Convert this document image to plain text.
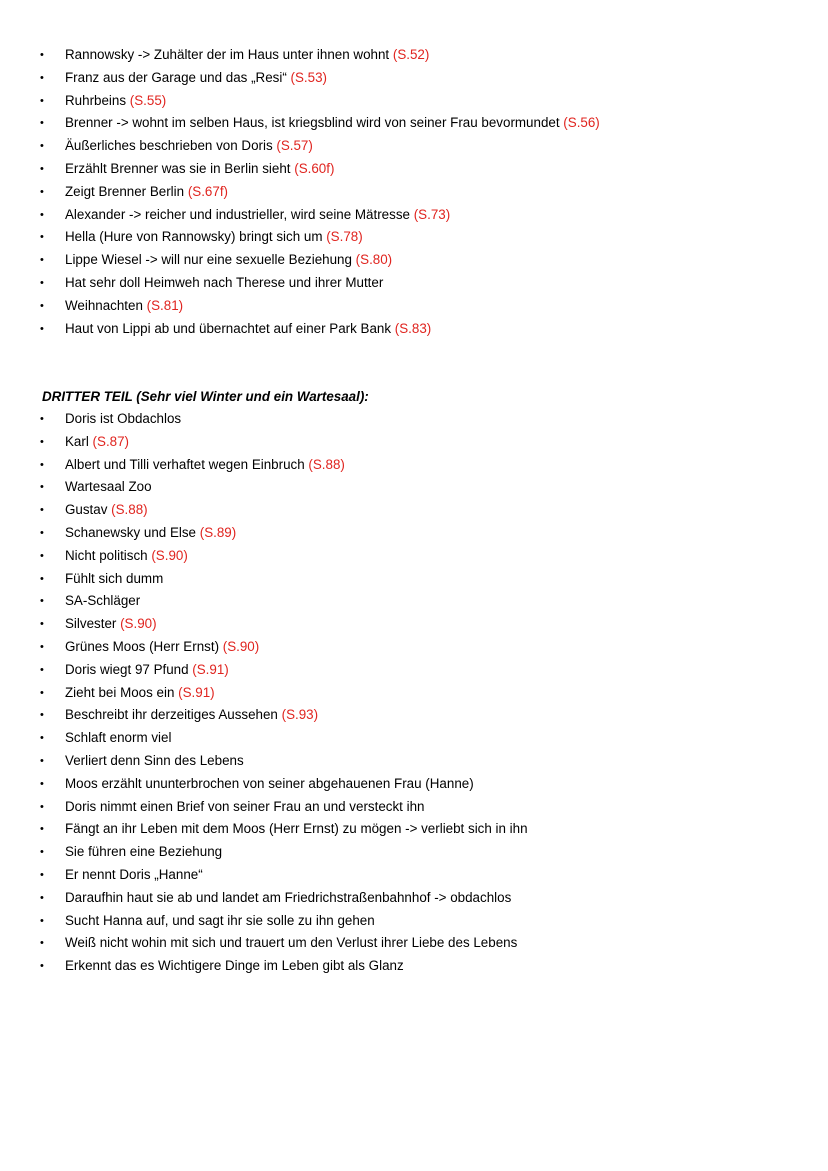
• Rannowsky -> Zuhälter der im Haus unter ihnen wohnt (S.52)
• Franz aus der Garage und das „Resi“ (S.53)
• Ruhrbeins (S.55)
• Brenner -> wohnt im selben Haus, ist kriegsblind wird von seiner Frau bevormundet (S.56)
• Äußerliches beschrieben von Doris (S.57)
• Erzählt Brenner was sie in Berlin sieht (S.60f)
• Zeigt Brenner Berlin (S.67f)
• Alexander -> reicher und industrieller, wird seine Mätresse (S.73)
• Hella (Hure von Rannowsky) bringt sich um (S.78)
• Lippe Wiesel -> will nur eine sexuelle Beziehung (S.80)
• Hat sehr doll Heimweh nach Therese und ihrer Mutter
• Weihnachten (S.81)
• Haut von Lippi ab und übernachtet auf einer Park Bank (S.83)
DRITTER TEIL (Sehr viel Winter und ein Wartesaal):
• Doris ist Obdachlos
• Karl (S.87)
• Albert und Tilli verhaftet wegen Einbruch (S.88)
• Wartesaal Zoo
• Gustav (S.88)
• Schanewsky und Else (S.89)
• Nicht politisch (S.90)
• Fühlt sich dumm
• SA-Schläger
• Silvester (S.90)
• Grünes Moos (Herr Ernst) (S.90)
• Doris wiegt 97 Pfund (S.91)
• Zieht bei Moos ein (S.91)
• Beschreibt ihr derzeitiges Aussehen (S.93)
• Schlaft enorm viel
• Verliert denn Sinn des Lebens
• Moos erzählt ununterbrochen von seiner abgehauenen Frau (Hanne)
• Doris nimmt einen Brief von seiner Frau an und versteckt ihn
• Fängt an ihr Leben mit dem Moos (Herr Ernst) zu mögen -> verliebt sich in ihn
• Sie führen eine Beziehung
• Er nennt Doris „Hanne“
• Daraufhin haut sie ab und landet am Friedrichstraßenbahnhof -> obdachlos
• Sucht Hanna auf, und sagt ihr sie solle zu ihn gehen
• Weiß nicht wohin mit sich und trauert um den Verlust ihrer Liebe des Lebens
• Erkennt das es Wichtigere Dinge im Leben gibt als Glanz
